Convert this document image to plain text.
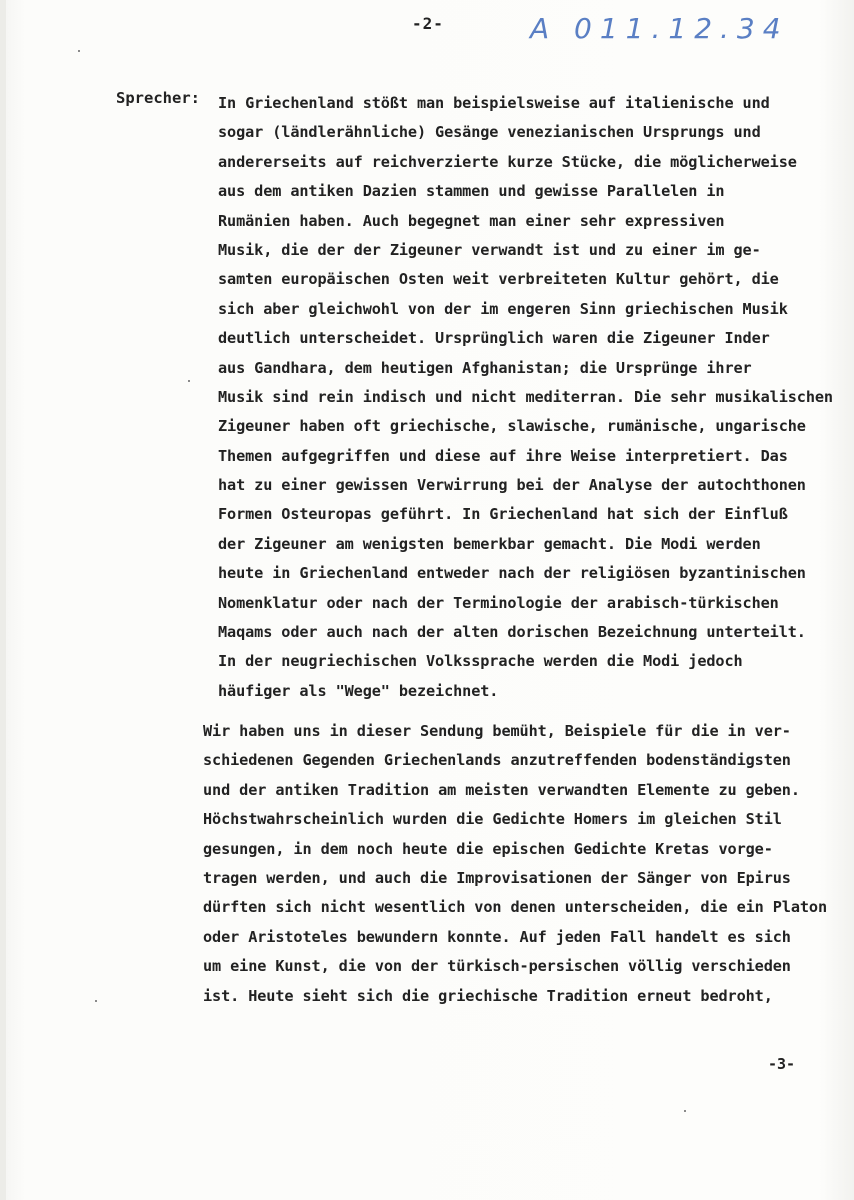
-2-	A 011.12.34
Sprecher: In Griechenland stößt man beispielsweise auf italienische und
sogar (ländlerähnliche) Gesänge venezianischen Ursprungs und
andererseits auf reichverzierte kurze Stücke, die möglicherweise
aus dem antiken Dazien stammen und gewisse Parallelen in
Rumänien haben. Auch begegnet man einer sehr expressiven
Musik, die der der Zigeuner verwandt ist und zu einer im ge-
samten europäischen Osten weit verbreiteten Kultur gehört, die
sich aber gleichwohl von der im engeren Sinn griechischen Musik
deutlich unterscheidet. Ursprünglich waren die Zigeuner Inder
aus Gandhara, dem heutigen Afghanistan; die Ursprünge ihrer
Musik sind rein indisch und nicht mediterran. Die sehr musikalischen
Zigeuner haben oft griechische, slawische, rumänische, ungarische
Themen aufgegriffen und diese auf ihre Weise interpretiert. Das
hat zu einer gewissen Verwirrung bei der Analyse der autochthonen
Formen Osteuropas geführt. In Griechenland hat sich der Einfluß
der Zigeuner am wenigsten bemerkbar gemacht. Die Modi werden
heute in Griechenland entweder nach der religiösen byzantinischen
Nomenklatur oder nach der Terminologie der arabisch-türkischen
Maqams oder auch nach der alten dorischen Bezeichnung unterteilt.
In der neugriechischen Volkssprache werden die Modi jedoch
häufiger als "Wege" bezeichnet.
Wir haben uns in dieser Sendung bemüht, Beispiele für die in ver-
schiedenen Gegenden Griechenlands anzutreffenden bodenständigsten
und der antiken Tradition am meisten verwandten Elemente zu geben.
Höchstwahrscheinlich wurden die Gedichte Homers im gleichen Stil
gesungen, in dem noch heute die epischen Gedichte Kretas vorge-
tragen werden, und auch die Improvisationen der Sänger von Epirus
dürften sich nicht wesentlich von denen unterscheiden, die ein Platon
oder Aristoteles bewundern konnte. Auf jeden Fall handelt es sich
um eine Kunst, die von der türkisch-persischen völlig verschieden
ist. Heute sieht sich die griechische Tradition erneut bedroht,
-3-
